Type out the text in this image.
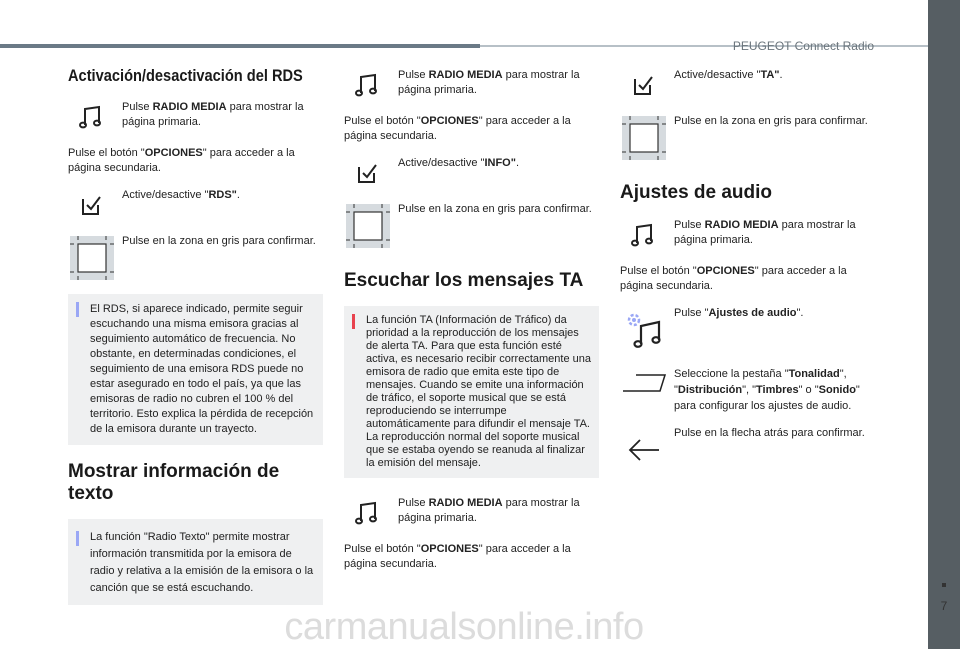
PEUGEOT Connect Radio
7
Activación/desactivación del RDS
Pulse RADIO MEDIA para mostrar la página primaria.

Pulse el botón "OPCIONES" para acceder a la página secundaria.

Active/desactive "RDS".
Pulse en la zona en gris para confirmar.
El RDS, si aparece indicado, permite seguir escuchando una misma emisora gracias al seguimiento automático de frecuencia. No obstante, en determinadas condiciones, el seguimiento de una emisora RDS puede no estar asegurado en todo el país, ya que las emisoras de radio no cubren el 100 % del territorio. Esto explica la pérdida de recepción de la emisora durante un trayecto.
Mostrar información de texto
La función "Radio Texto" permite mostrar información transmitida por la emisora de radio y relativa a la emisión de la emisora o la canción que se está escuchando.
Pulse RADIO MEDIA para mostrar la página primaria.

Pulse el botón "OPCIONES" para acceder a la página secundaria.

Active/desactive "INFO".
Pulse en la zona en gris para confirmar.
Escuchar los mensajes TA
La función TA (Información de Tráfico) da prioridad a la reproducción de los mensajes de alerta TA. Para que esta función esté activa, es necesario recibir correctamente una emisora de radio que emita este tipo de mensajes. Cuando se emite una información de tráfico, el soporte musical que se está reproduciendo se interrumpe automáticamente para difundir el mensaje TA. La reproducción normal del soporte musical que se estaba oyendo se reanuda al finalizar la emisión del mensaje.
Pulse RADIO MEDIA para mostrar la página primaria.

Pulse el botón "OPCIONES" para acceder a la página secundaria.

Active/desactive "TA".
Pulse en la zona en gris para confirmar.
Ajustes de audio
Pulse RADIO MEDIA para mostrar la página primaria.

Pulse el botón "OPCIONES" para acceder a la página secundaria.

Pulse "Ajustes de audio".
Seleccione la pestaña "Tonalidad", "Distribución", "Timbres" o "Sonido" para configurar los ajustes de audio.
Pulse en la flecha atrás para confirmar.
carmanualsonline.info
